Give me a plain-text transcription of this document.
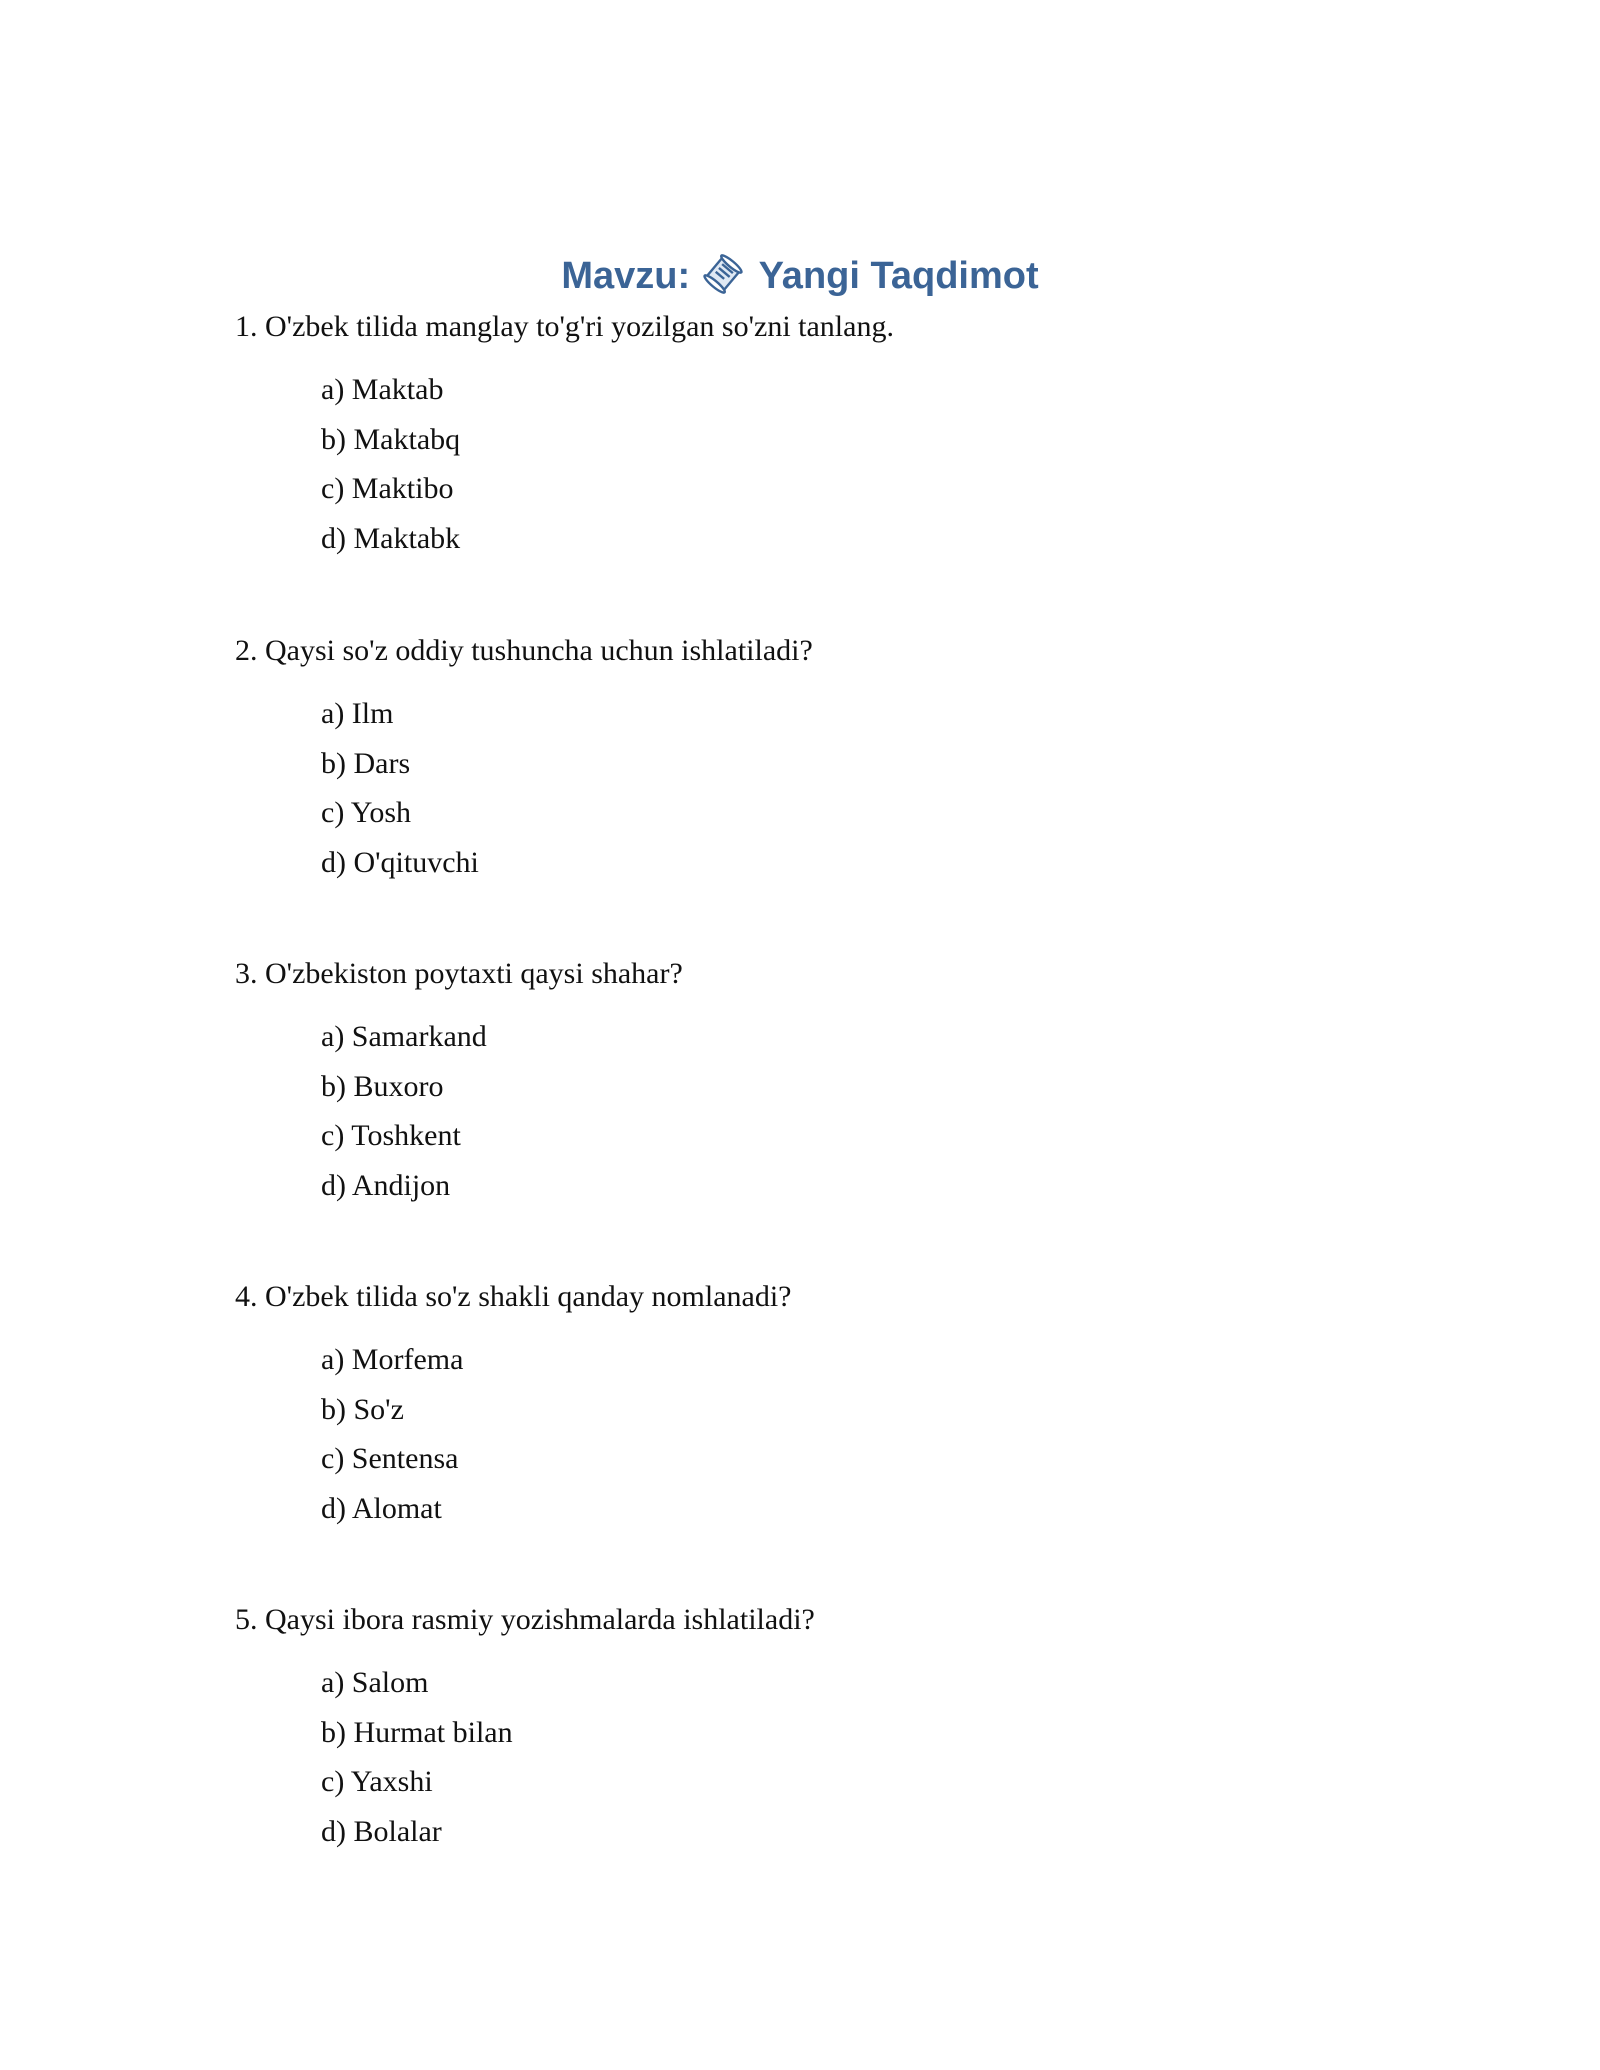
Mavzu: Yangi Taqdimot
1. O'zbek tilida manglay to'g'ri yozilgan so'zni tanlang.
a) Maktab
b) Maktabq
c) Maktibo
d) Maktabk
2. Qaysi so'z oddiy tushuncha uchun ishlatiladi?
a) Ilm
b) Dars
c) Yosh
d) O'qituvchi
3. O'zbekiston poytaxti qaysi shahar?
a) Samarkand
b) Buxoro
c) Toshkent
d) Andijon
4. O'zbek tilida so'z shakli qanday nomlanadi?
a) Morfema
b) So'z
c) Sentensa
d) Alomat
5. Qaysi ibora rasmiy yozishmalarda ishlatiladi?
a) Salom
b) Hurmat bilan
c) Yaxshi
d) Bolalar
